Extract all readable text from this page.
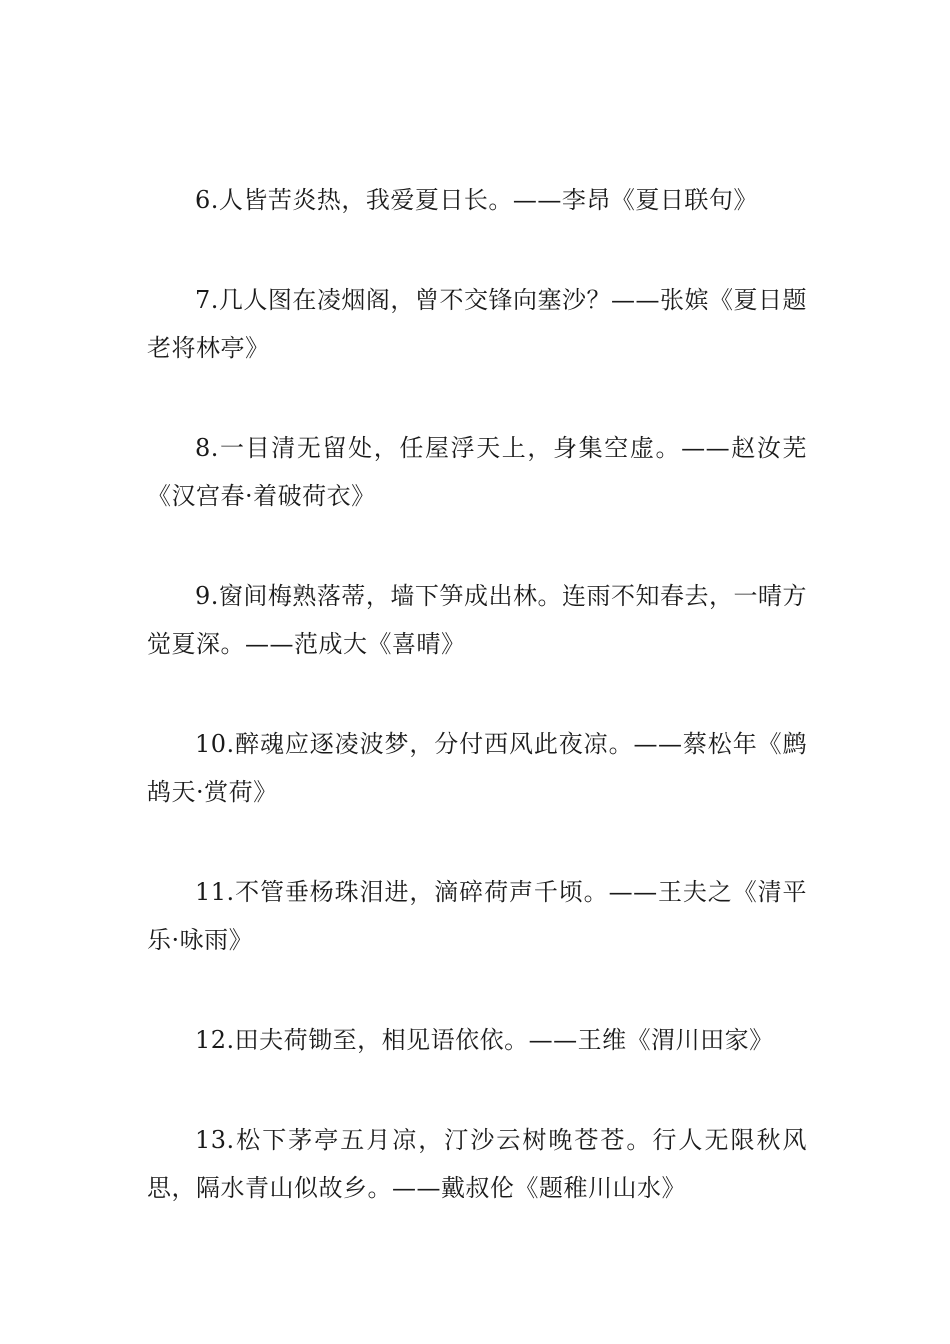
6.人皆苦炎热，我爱夏日长。——李昂《夏日联句》

7.几人图在凌烟阁，曾不交锋向塞沙？——张嫔《夏日题老将林亭》

8.一目清无留处，任屋浮天上，身集空虚。——赵汝芜《汉宫春·着破荷衣》

9.窗间梅熟落蒂，墙下笋成出林。连雨不知春去，一晴方觉夏深。——范成大《喜晴》

10.醉魂应逐凌波梦，分付西风此夜凉。——蔡松年《鹧鸪天·赏荷》

11.不管垂杨珠泪进，滴碎荷声千顷。——王夫之《清平乐·咏雨》

12.田夫荷锄至，相见语依依。——王维《渭川田家》

13.松下茅亭五月凉，汀沙云树晚苍苍。行人无限秋风思，隔水青山似故乡。——戴叔伦《题稚川山水》
